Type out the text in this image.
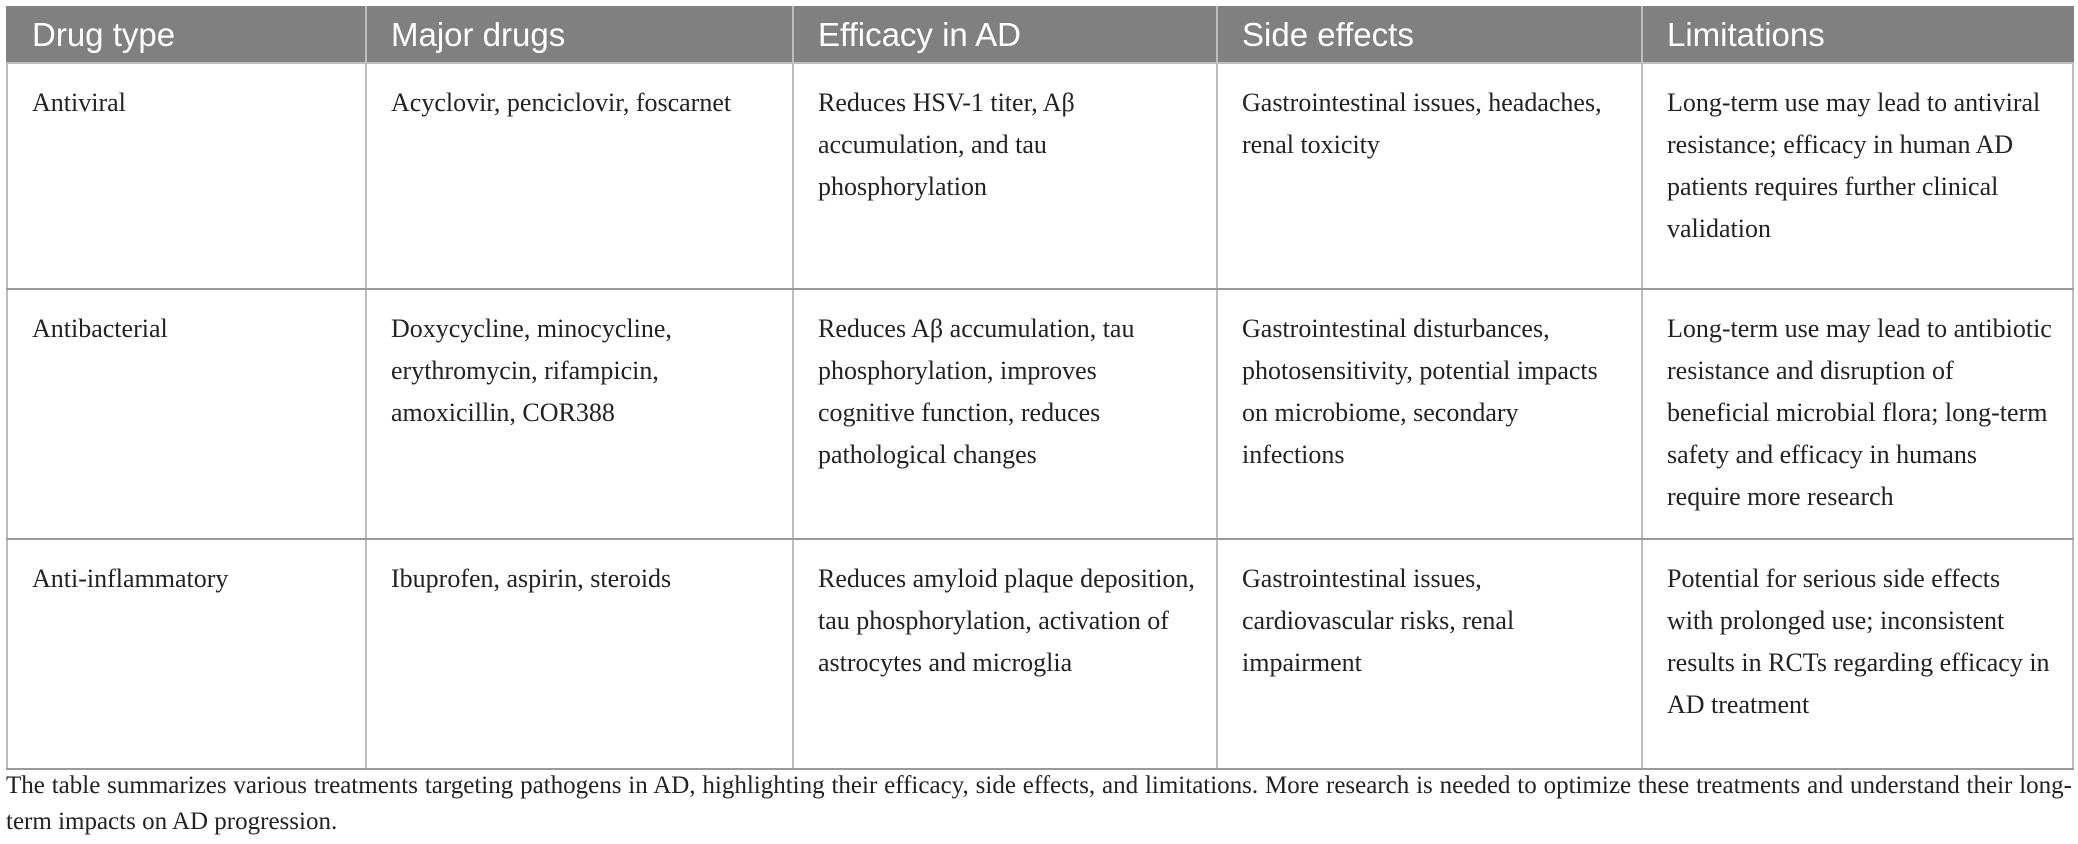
Drug type	Major drugs	Efficacy in AD	Side effects	Limitations
Antiviral	Acyclovir, penciclovir, foscarnet	Reduces HSV-1 titer, Aβ accumulation, and tau phosphorylation	Gastrointestinal issues, headaches, renal toxicity	Long-term use may lead to antiviral resistance; efficacy in human AD patients requires further clinical validation
Antibacterial	Doxycycline, minocycline, erythromycin, rifampicin, amoxicillin, COR388	Reduces Aβ accumulation, tau phosphorylation, improves cognitive function, reduces pathological changes	Gastrointestinal disturbances, photosensitivity, potential impacts on microbiome, secondary infections	Long-term use may lead to antibiotic resistance and disruption of beneficial microbial flora; long-term safety and efficacy in humans require more research
Anti-inflammatory	Ibuprofen, aspirin, steroids	Reduces amyloid plaque deposition, tau phosphorylation, activation of astrocytes and microglia	Gastrointestinal issues, cardiovascular risks, renal impairment	Potential for serious side effects with prolonged use; inconsistent results in RCTs regarding efficacy in AD treatment

The table summarizes various treatments targeting pathogens in AD, highlighting their efficacy, side effects, and limitations. More research is needed to optimize these treatments and understand their long-term impacts on AD progression.
